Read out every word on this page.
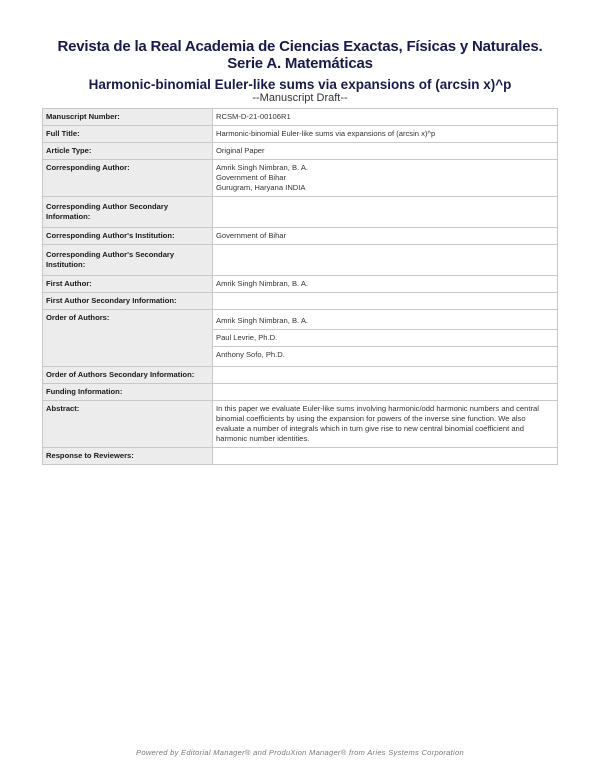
Revista de la Real Academia de Ciencias Exactas, Físicas y Naturales.
Serie A. Matemáticas
Harmonic-binomial Euler-like sums via expansions of (arcsin x)^p
--Manuscript Draft--
Manuscript Number:	RCSM-D-21-00106R1
Full Title:	Harmonic-binomial Euler-like sums via expansions of (arcsin x)^p
Article Type:	Original Paper
Corresponding Author:	Amrik Singh Nimbran, B. A.
Government of Bihar
Gurugram, Haryana INDIA

Corresponding Author Secondary Information:	
Corresponding Author's Institution:	Government of Bihar
Corresponding Author's Secondary Institution:	
First Author:	Amrik Singh Nimbran, B. A.
First Author Secondary Information:	
Order of Authors:	Amrik Singh Nimbran, B. A.
Paul Levrie, Ph.D.
Anthony Sofo, Ph.D.

Order of Authors Secondary Information:	
Funding Information:	
Abstract:	In this paper we evaluate Euler-like sums involving harmonic/odd harmonic numbers and central binomial coefficients by using the expansion for powers of the inverse sine function. We also evaluate a number of integrals which in turn give rise to new central binomial coefficient and harmonic number identities.
Response to Reviewers:	
Powered by Editorial Manager® and ProduXion Manager® from Aries Systems Corporation
